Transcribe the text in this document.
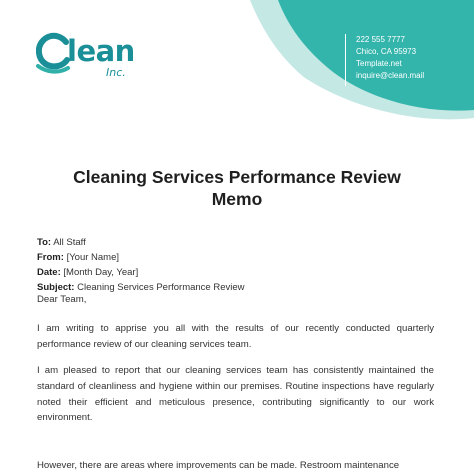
lean
Inc.
222 555 7777
Chico, CA 95973
Template.net
inquire@clean.mail
Cleaning Services Performance Review
Memo
To: All Staff
From: [Your Name]
Date: [Month Day, Year]
Subject: Cleaning Services Performance Review

Dear Team,

I am writing to apprise you all with the results of our recently conducted quarterly performance review of our cleaning services team.

I am pleased to report that our cleaning services team has consistently maintained the standard of cleanliness and hygiene within our premises. Routine inspections have regularly noted their efficient and meticulous presence, contributing significantly to our work environment.

However, there are areas where improvements can be made. Restroom maintenance
